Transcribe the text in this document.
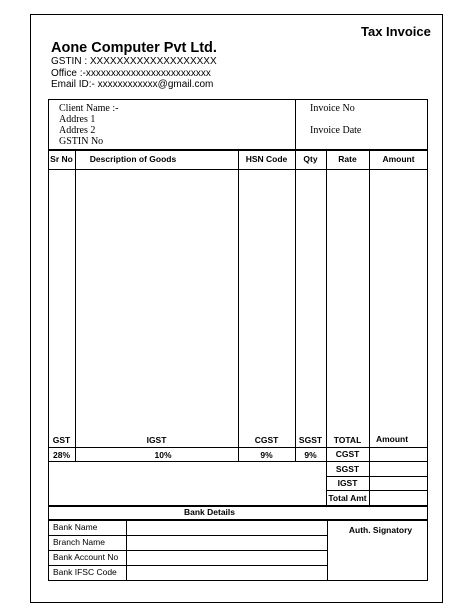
Tax Invoice
Aone Computer Pvt Ltd.
GSTIN : XXXXXXXXXXXXXXXXXXX
Office :-xxxxxxxxxxxxxxxxxxxxxxxxx
Email ID:- xxxxxxxxxxxx@gmail.com
Client Name :-
Addres 1
Addres 2
GSTIN No
Invoice No
Invoice Date
Sr No	Description of Goods	HSN Code	Qty	Rate	Amount
GST	IGST	CGST	SGST	TOTAL	Amount
28%	10%	9%	9%	CGST
SGST
IGST
Total Amt
Bank Details
Bank Name
Branch Name
Bank Account No
Bank IFSC Code
Auth. Signatory
